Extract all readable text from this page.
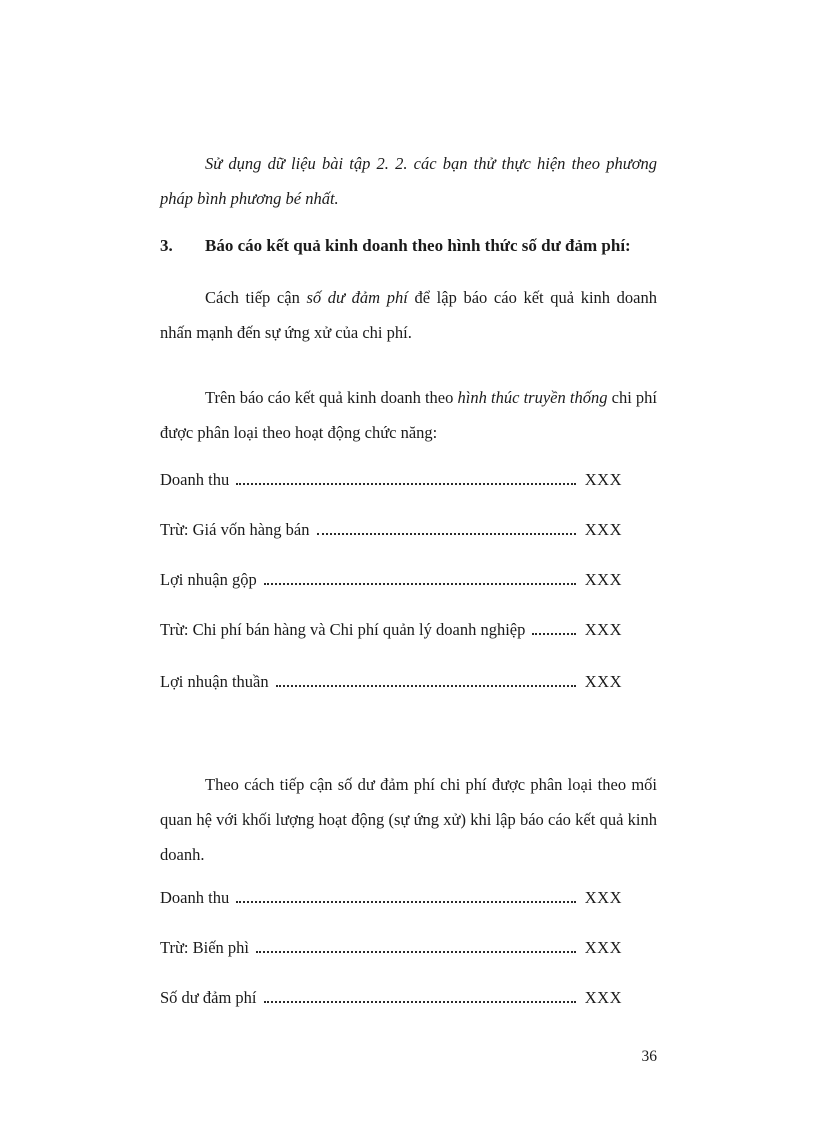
Sử dụng dữ liệu bài tập 2. 2. các bạn thử thực hiện theo phương pháp bình phương bé nhất.

3.	Báo cáo kết quả kinh doanh theo hình thức số dư đảm phí:

Cách tiếp cận số dư đảm phí để lập báo cáo kết quả kinh doanh nhấn mạnh đến sự ứng xử của chi phí.

Trên báo cáo kết quả kinh doanh theo hình thúc truyền thống chi phí được phân loại theo hoạt động chức năng:

Doanh thu	XXX
Trừ: Giá vốn hàng bán	XXX
Lợi nhuận gộp	XXX
Trừ: Chi phí bán hàng và Chi phí quản lý doanh nghiệp	XXX
Lợi nhuận thuần	XXX

Theo cách tiếp cận số dư đảm phí chi phí được phân loại theo mối quan hệ với khối lượng hoạt động (sự ứng xử) khi lập báo cáo kết quả kinh doanh.

Doanh thu	XXX
Trừ: Biến phì	XXX
Số dư đảm phí	XXX
36
